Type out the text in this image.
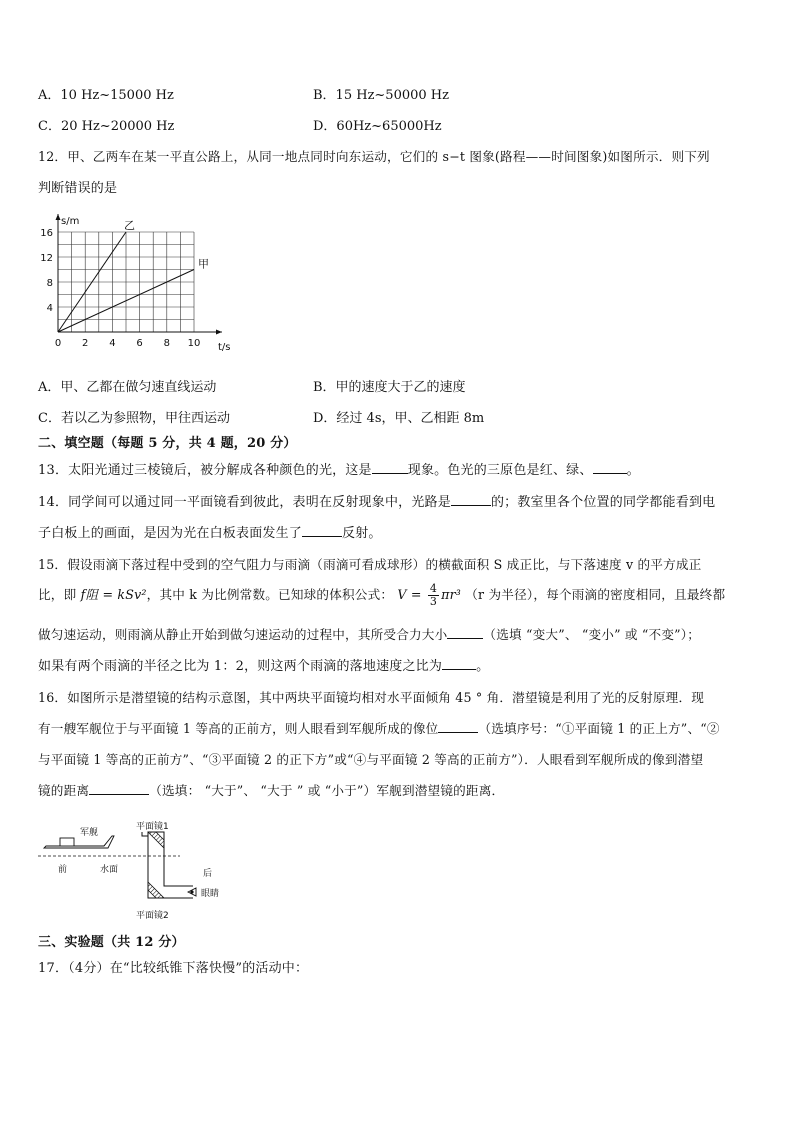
A．10 Hz~15000 Hz	B．15 Hz~50000 Hz
C．20 Hz~20000 Hz	D．60Hz~65000Hz
12．甲、乙两车在某一平直公路上，从同一地点同时向东运动，它们的 s−t 图象(路程——时间图象)如图所示．则下列
判断错误的是
0 2 4 6 8 10
4
8
12
16
t/s
s/m	乙
甲
A．甲、乙都在做匀速直线运动	B．甲的速度大于乙的速度
C．若以乙为参照物，甲往西运动	D．经过 4s，甲、乙相距 8m
二、填空题（每题 5 分，共 4 题，20 分）
13．太阳光通过三棱镜后，被分解成各种颜色的光，这是	现象。色光的三原色是红、绿、	。
14．同学间可以通过同一平面镜看到彼此，表明在反射现象中，光路是	的；教室里各个位置的同学都能看到电
子白板上的画面，是因为光在白板表面发生了	反射。
15．假设雨滴下落过程中受到的空气阻力与雨滴（雨滴可看成球形）的横截面积 S 成正比，与下落速度 v 的平方成正
比，即 f阻 = kSv²，其中 k 为比例常数。已知球的体积公式： $V = \frac{4}{3} \pi r^3$ （r 为半径），每个雨滴的密度相同，且最终都
做匀速运动，则雨滴从静止开始到做匀速运动的过程中，其所受合力大小	（选填 “变大”、 “变小” 或 “不变”）；
如果有两个雨滴的半径之比为 1：2，则这两个雨滴的落地速度之比为	。
16．如图所示是潜望镜的结构示意图，其中两块平面镜均相对水平面倾角 45 ° 角．潜望镜是利用了光的反射原理．现
有一艘军舰位于与平面镜 1 等高的正前方，则人眼看到军舰所成的像位	（选填序号：“①平面镜 1 的正上方”、“②
与平面镜 1 等高的正前方”、“③平面镜 2 的正下方”或“④与平面镜 2 等高的正前方”）．人眼看到军舰所成的像到潜望
镜的距离	（选填： “大于”、 “大于 ” 或 “小于”）军舰到潜望镜的距离．
军舰
平面镜1
平面镜2
前	水面	后
眼睛
三、实验题（共 12 分）
17．（4分）在“比较纸锥下落快慢”的活动中：
